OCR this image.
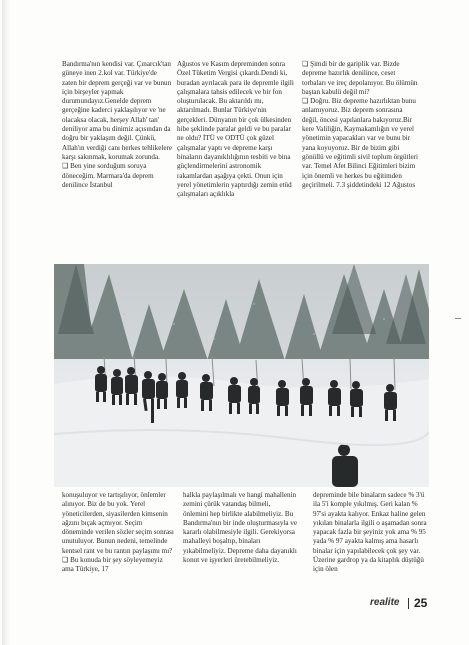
Bandırma'nın kendisi var. Çınarcık'tan güneye inen 2.kol var. Türkiye'de zaten bir deprem gerçeği var ve bunun için birşeyler yapmak durumundayız.Genelde deprem gerçeğine kaderci yaklaşılıyor ve 'ne olacaksa olacak, herşey Allah' tan' deniliyor ama bu dinimiz açısından da doğru bir yaklaşım değil. Çünkü, Allah'ın verdiği canı herkes tehlikelere karşı sakınmak, korumak zorunda.

❑ Ben yine sorduğum soruya döneceğim. Marmara'da deprem denilince İstanbul

Ağustos ve Kasım depreminden sonra Özel Tüketim Vergisi çıkardı.Dendi ki, buradan ayrılacak para ile depremle ilgili çalışmalara tahsis edilecek ve bir fon oluşturulacak. Bu aktarıldı mı, aktarılmadı. Bunlar Türkiye'nin gerçekleri. Dünyanın bir çok ülkesinden hibe şeklinde paralar geldi ve bu paralar ne oldu? İTÜ ve ODTÜ çok güzel çalışmalar yaptı ve depreme karşı binaların dayanıklılığının tesbiti ve bina güçlendirmelerini astronomik rakamlardan aşağıya çekti. Onun için yerel yönetimlerin yaptırdığı zemin etüd çalışmaları açıklıkla

❑ Şimdi bir de gariplik var. Bizde depreme hazırlık denilince, ceset torbaları ve ireç depolanıyor. Bu ölümün baştan kabulü değil mi?

❑ Doğru. Biz depreme hazırlıktan bunu anlamıyoruz. Biz deprem sonrasına değil, öncesi yapılanlara bakıyoruz.Bir kere Valiliğin, Kaymakamlığın ve yerel yönetimin yapacakları var ve bunu bir yana koyuyoruz. Bir de bizim gibi gönüllü ve eğitimli sivil toplum örgütleri var. Temel Afet Bilinci Eğitimleri bizim için önemli ve herkes bu eğitimden geçirilmeli. 7.3 şiddetindeki 12 Ağustos

konuşuluyor ve tartışılıyor, önlemler alınıyor. Biz de bu yok. Yerel yöneticilerden, siyasilerden kimsenin ağzını bıçak açmıyor. Seçim döneminde verilen sözler seçim sonrası unutuluyor. Bunun nedeni, temelinde kentsel rant ve bu rantın paylaşımı mı?

❑ Bu konuda bir şey söyleyemeyiz ama Türkiye, 17

halkla paylaşılmalı ve hangi mahallenin zemini çürük vatandaş bilmeli, önlemini hep birlikte alabilmeliyiz. Bu Bandırma'nın bir inde oluşturmasıyla ve kararlı olabilmesiyle ilgili. Gerekiyorsa mahalleyi boşaltıp, binaları yıkabilmeliyiz. Depreme daha dayanıklı konut ve işyerleri üretebilmeliyiz.

depreminde bile binaların sadece % 3'ü ila 5'i komple yıkılmış. Geri kalan % 97'si ayakta kalıyor. Enkaz haline gelen yıkılan binalarla ilgili o aşamadan sonra yapacak fazla bir şeyiniz yok ama % 95 yada % 97 ayakta kalmış ama hasarlı binalar için yapılabilecek çok şey var. Üzerine gardrop ya da kitaplık düştüğü için ölen

realite 25
